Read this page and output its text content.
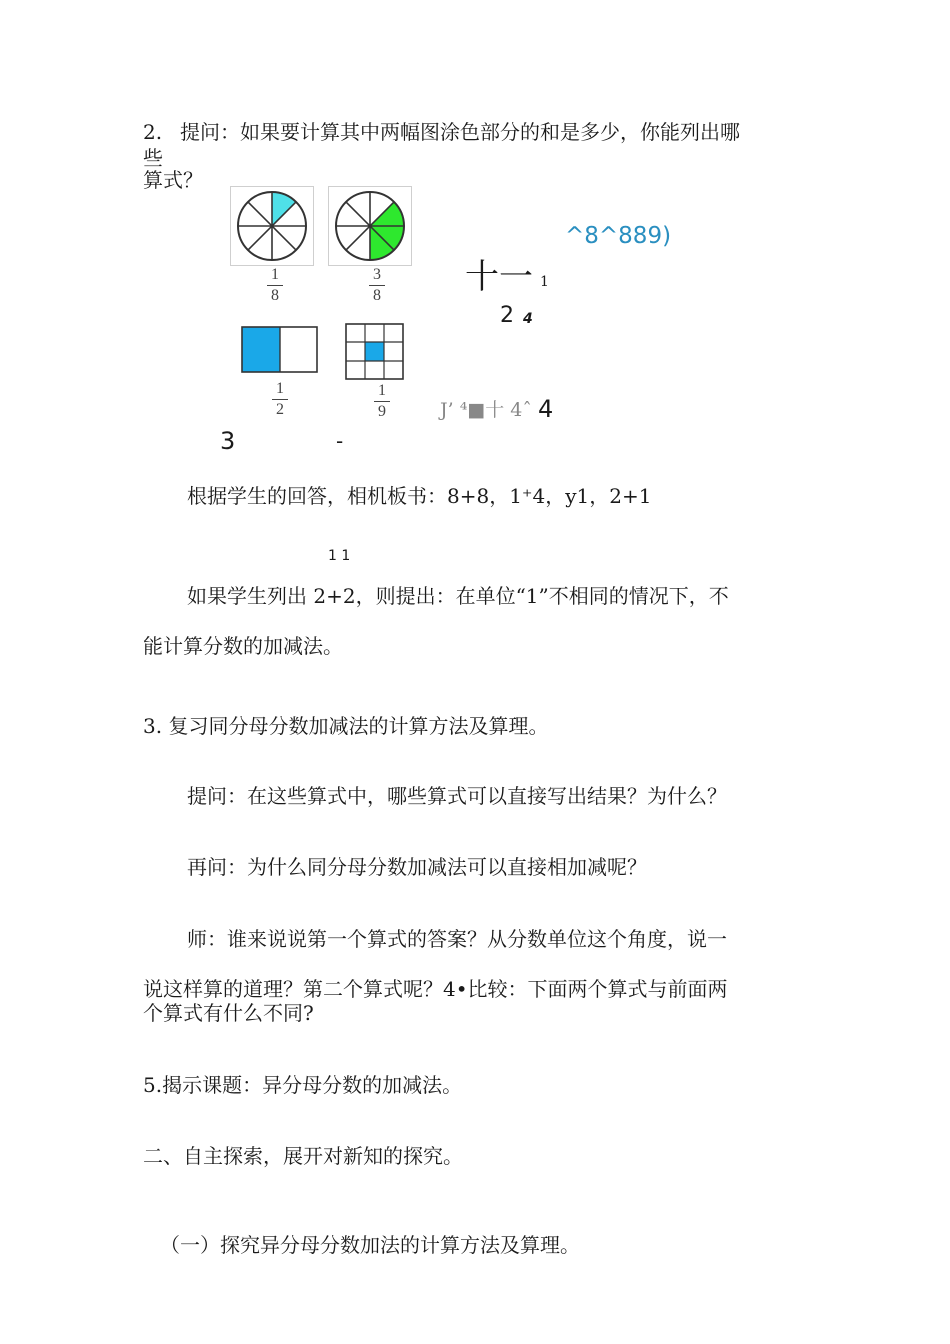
2. 提问：如果要计算其中两幅图涂色部分的和是多少，你能列出哪
些
算式？
1
8
3
8
1
2
1
9
^8^889)
十一 1
2 4
J’ ⁴■十 4ˆ 4
3	-
根据学生的回答，相机板书：8+8，1⁺4，y1，2+1
1 1
如果学生列出 2+2，则提出：在单位“1”不相同的情况下，不
能计算分数的加减法。
3. 复习同分母分数加减法的计算方法及算理。
提问：在这些算式中，哪些算式可以直接写出结果？为什么？
再问：为什么同分母分数加减法可以直接相加减呢？
师：谁来说说第一个算式的答案？从分数单位这个角度，说一
说这样算的道理？第二个算式呢？4•比较：下面两个算式与前面两
个算式有什么不同?
5.揭示课题：异分母分数的加减法。
二、自主探索，展开对新知的探究。
（一）探究异分母分数加法的计算方法及算理。
